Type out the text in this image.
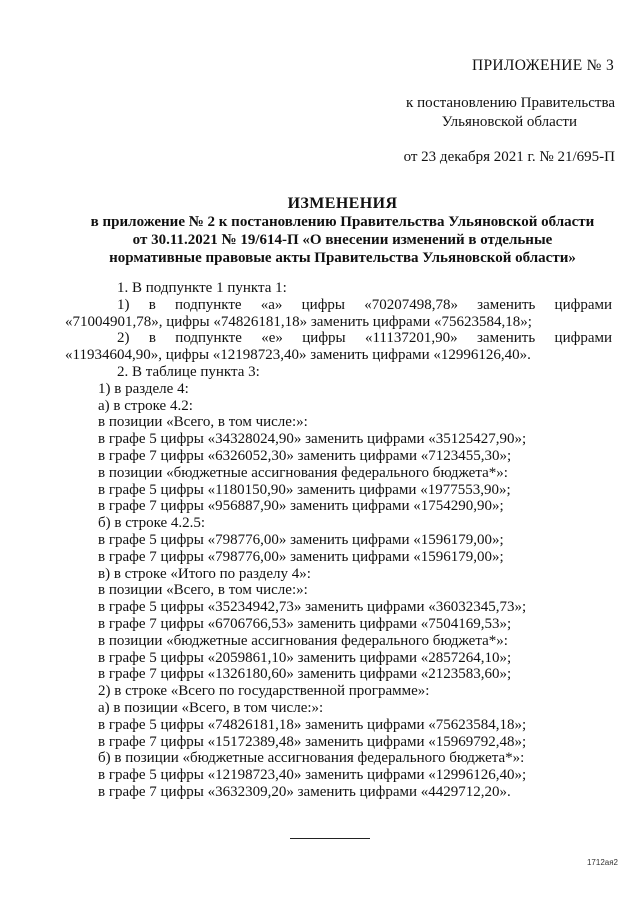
ПРИЛОЖЕНИЕ № 3
к постановлению Правительства
Ульяновской области
от 23 декабря 2021 г. № 21/695-П
ИЗМЕНЕНИЯ
в приложение № 2 к постановлению Правительства Ульяновской области
от 30.11.2021 № 19/614-П «О внесении изменений в отдельные
нормативные правовые акты Правительства Ульяновской области»
1. В подпункте 1 пункта 1:
1) в подпункте «а» цифры «70207498,78» заменить цифрами
«71004901,78», цифры «74826181,18» заменить цифрами «75623584,18»;
2) в подпункте «е» цифры «11137201,90» заменить цифрами
«11934604,90», цифры «12198723,40» заменить цифрами «12996126,40».
2. В таблице пункта 3:
1) в разделе 4:
а) в строке 4.2:
в позиции «Всего, в том числе:»:
в графе 5 цифры «34328024,90» заменить цифрами «35125427,90»;
в графе 7 цифры «6326052,30» заменить цифрами «7123455,30»;
в позиции «бюджетные ассигнования федерального бюджета*»:
в графе 5 цифры «1180150,90» заменить цифрами «1977553,90»;
в графе 7 цифры «956887,90» заменить цифрами «1754290,90»;
б) в строке 4.2.5:
в графе 5 цифры «798776,00» заменить цифрами «1596179,00»;
в графе 7 цифры «798776,00» заменить цифрами «1596179,00»;
в) в строке «Итого по разделу 4»:
в позиции «Всего, в том числе:»:
в графе 5 цифры «35234942,73» заменить цифрами «36032345,73»;
в графе 7 цифры «6706766,53» заменить цифрами «7504169,53»;
в позиции «бюджетные ассигнования федерального бюджета*»:
в графе 5 цифры «2059861,10» заменить цифрами «2857264,10»;
в графе 7 цифры «1326180,60» заменить цифрами «2123583,60»;
2) в строке «Всего по государственной программе»:
а) в позиции «Всего, в том числе:»:
в графе 5 цифры «74826181,18» заменить цифрами «75623584,18»;
в графе 7 цифры «15172389,48» заменить цифрами «15969792,48»;
б) в позиции «бюджетные ассигнования федерального бюджета*»:
в графе 5 цифры «12198723,40» заменить цифрами «12996126,40»;
в графе 7 цифры «3632309,20» заменить цифрами «4429712,20».
1712ая2
